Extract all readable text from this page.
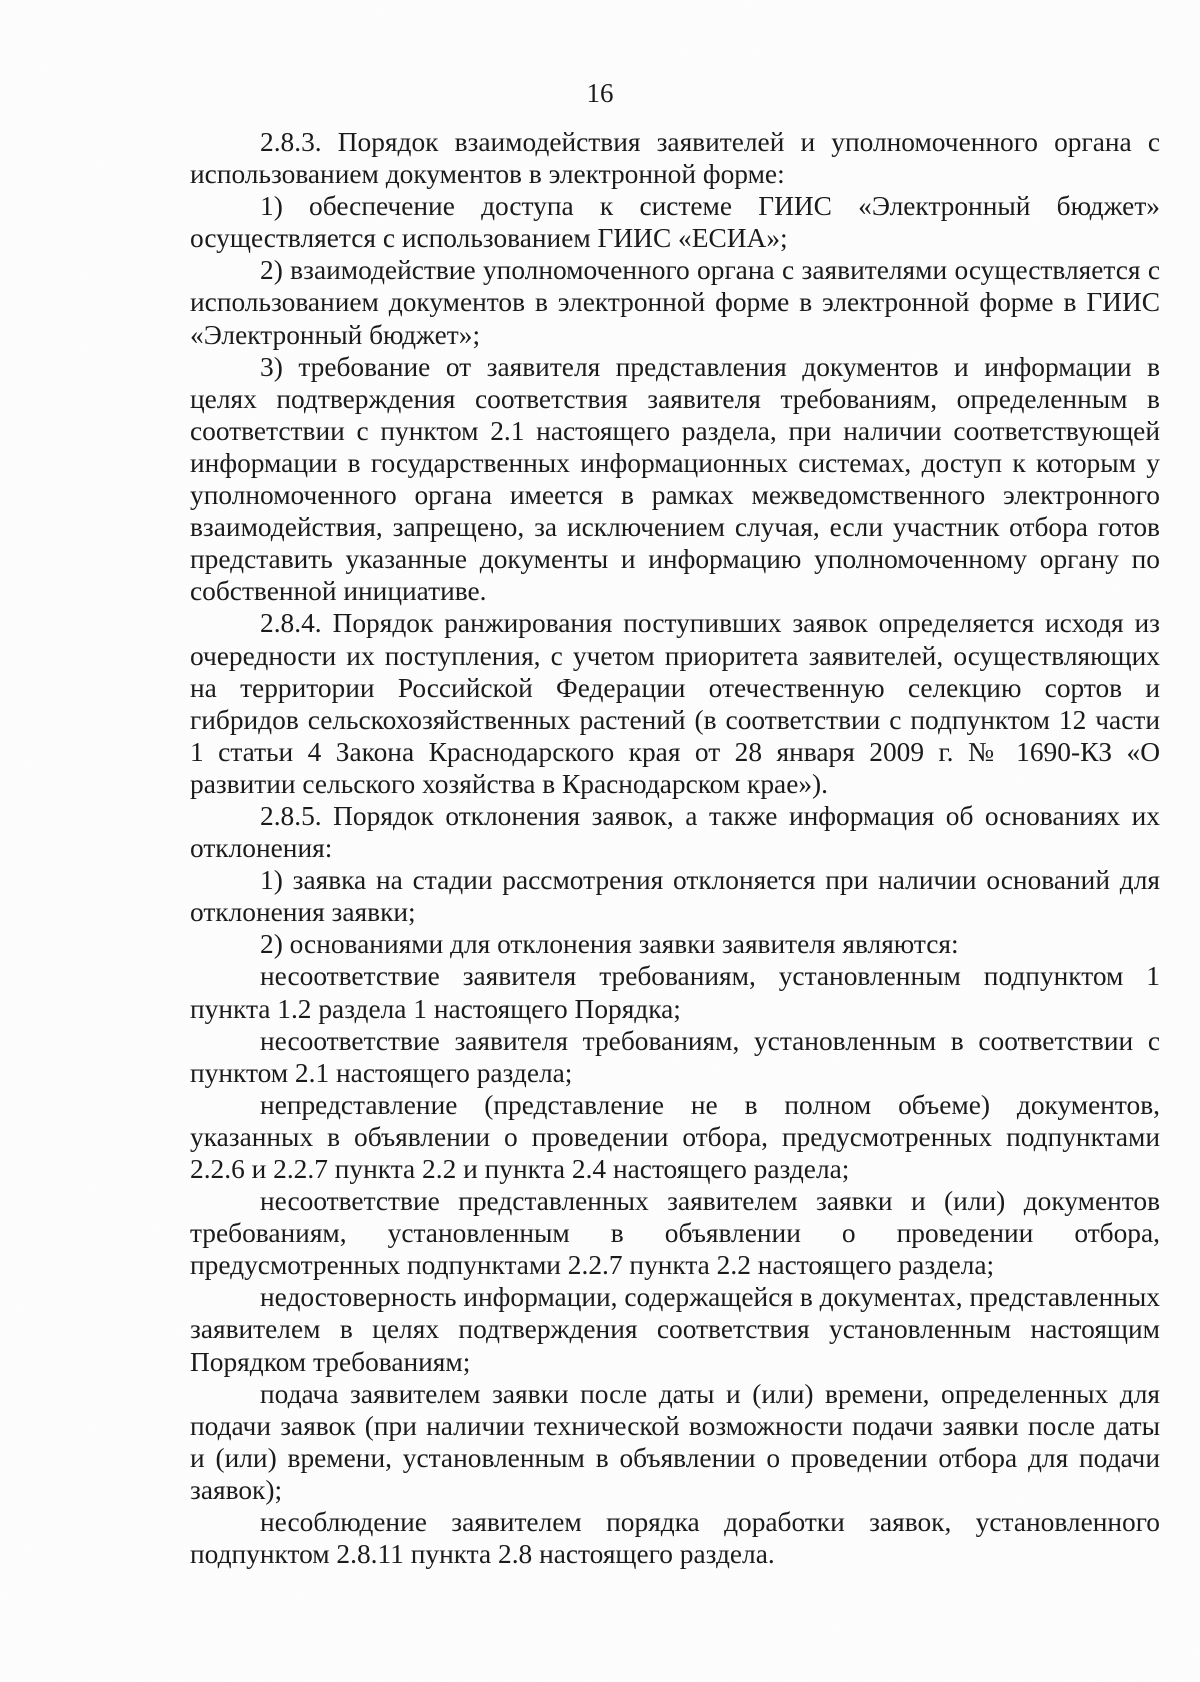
16

2.8.3. Порядок взаимодействия заявителей и уполномоченного органа с использованием документов в электронной форме:

1) обеспечение доступа к системе ГИИС «Электронный бюджет» осуществляется с использованием ГИИС «ЕСИА»;

2) взаимодействие уполномоченного органа с заявителями осуществляется с использованием документов в электронной форме в электронной форме в ГИИС «Электронный бюджет»;

3) требование от заявителя представления документов и информации в целях подтверждения соответствия заявителя требованиям, определенным в соответствии с пунктом 2.1 настоящего раздела, при наличии соответствующей информации в государственных информационных системах, доступ к которым у уполномоченного органа имеется в рамках межведомственного электронного взаимодействия, запрещено, за исключением случая, если участник отбора готов представить указанные документы и информацию уполномоченному органу по собственной инициативе.

2.8.4. Порядок ранжирования поступивших заявок определяется исходя из очередности их поступления, с учетом приоритета заявителей, осуществляющих на территории Российской Федерации отечественную селекцию сортов и гибридов сельскохозяйственных растений (в соответствии с подпунктом 12 части 1 статьи 4 Закона Краснодарского края от 28 января 2009 г. № 1690-КЗ «О развитии сельского хозяйства в Краснодарском крае»).

2.8.5. Порядок отклонения заявок, а также информация об основаниях их отклонения:

1) заявка на стадии рассмотрения отклоняется при наличии оснований для отклонения заявки;

2) основаниями для отклонения заявки заявителя являются:

несоответствие заявителя требованиям, установленным подпунктом 1 пункта 1.2 раздела 1 настоящего Порядка;

несоответствие заявителя требованиям, установленным в соответствии с пунктом 2.1 настоящего раздела;

непредставление (представление не в полном объеме) документов, указанных в объявлении о проведении отбора, предусмотренных подпунктами 2.2.6 и 2.2.7 пункта 2.2 и пункта 2.4 настоящего раздела;

несоответствие представленных заявителем заявки и (или) документов требованиям, установленным в объявлении о проведении отбора, предусмотренных подпунктами 2.2.7 пункта 2.2 настоящего раздела;

недостоверность информации, содержащейся в документах, представленных заявителем в целях подтверждения соответствия установленным настоящим Порядком требованиям;

подача заявителем заявки после даты и (или) времени, определенных для подачи заявок (при наличии технической возможности подачи заявки после даты и (или) времени, установленным в объявлении о проведении отбора для подачи заявок);

несоблюдение заявителем порядка доработки заявок, установленного подпунктом 2.8.11 пункта 2.8 настоящего раздела.
